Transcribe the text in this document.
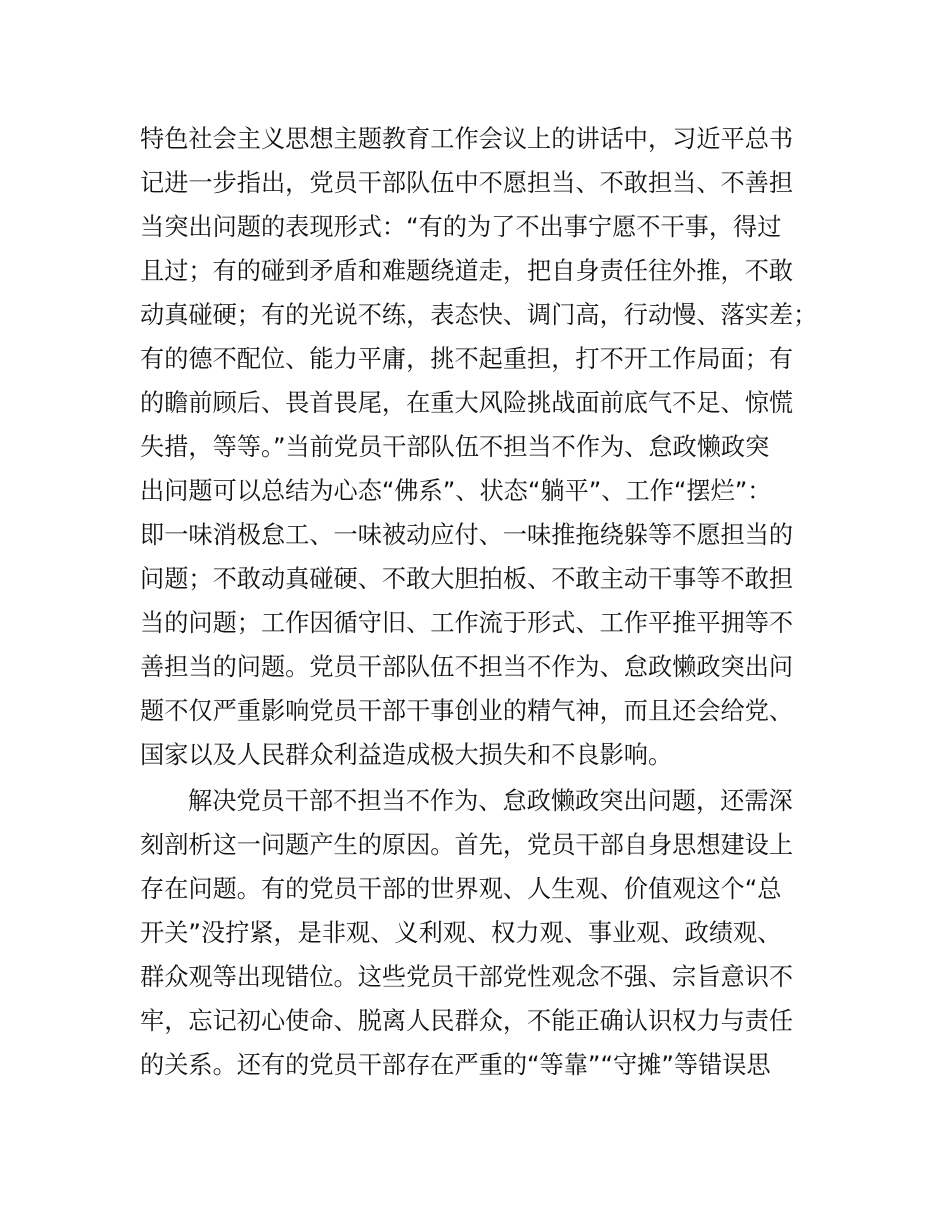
特色社会主义思想主题教育工作会议上的讲话中，习近平总书
记进一步指出，党员干部队伍中不愿担当、不敢担当、不善担
当突出问题的表现形式：“有的为了不出事宁愿不干事，得过
且过；有的碰到矛盾和难题绕道走，把自身责任往外推，不敢
动真碰硬；有的光说不练，表态快、调门高，行动慢、落实差；
有的德不配位、能力平庸，挑不起重担，打不开工作局面；有
的瞻前顾后、畏首畏尾，在重大风险挑战面前底气不足、惊慌
失措，等等。”当前党员干部队伍不担当不作为、怠政懒政突
出问题可以总结为心态“佛系”、状态“躺平”、工作“摆烂”：
即一味消极怠工、一味被动应付、一味推拖绕躲等不愿担当的
问题；不敢动真碰硬、不敢大胆拍板、不敢主动干事等不敢担
当的问题；工作因循守旧、工作流于形式、工作平推平拥等不
善担当的问题。党员干部队伍不担当不作为、怠政懒政突出问
题不仅严重影响党员干部干事创业的精气神，而且还会给党、
国家以及人民群众利益造成极大损失和不良影响。
解决党员干部不担当不作为、怠政懒政突出问题，还需深
刻剖析这一问题产生的原因。首先，党员干部自身思想建设上
存在问题。有的党员干部的世界观、人生观、价值观这个“总
开关”没拧紧，是非观、义利观、权力观、事业观、政绩观、
群众观等出现错位。这些党员干部党性观念不强、宗旨意识不
牢，忘记初心使命、脱离人民群众，不能正确认识权力与责任
的关系。还有的党员干部存在严重的“等靠”“守摊”等错误思
